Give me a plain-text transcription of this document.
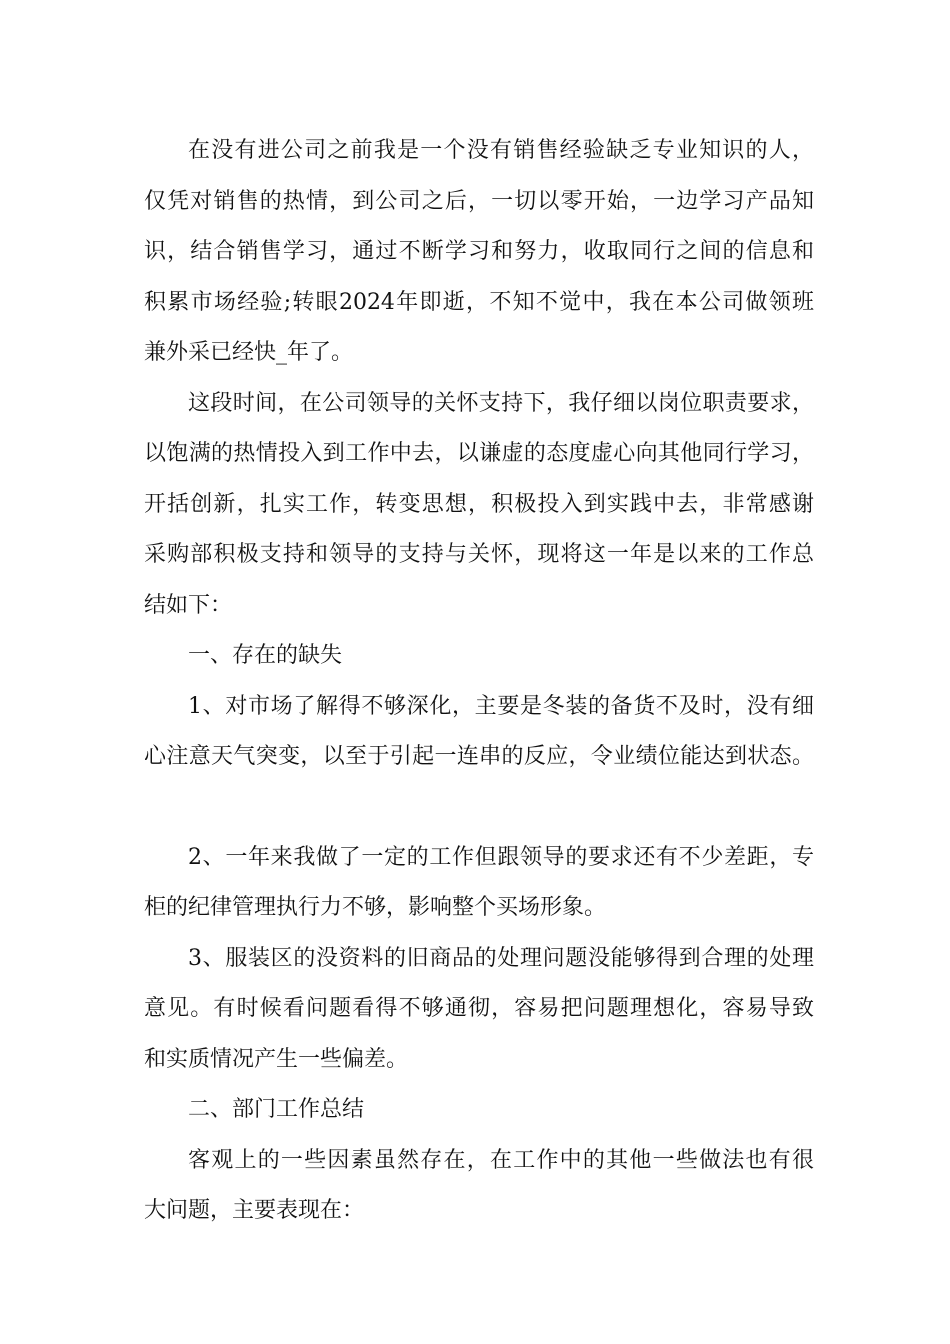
在没有进公司之前我是一个没有销售经验缺乏专业知识的人，
仅凭对销售的热情，到公司之后，一切以零开始，一边学习产品知
识，结合销售学习，通过不断学习和努力，收取同行之间的信息和
积累市场经验;转眼2024年即逝，不知不觉中，我在本公司做领班
兼外采已经快_年了。

这段时间，在公司领导的关怀支持下，我仔细以岗位职责要求，
以饱满的热情投入到工作中去，以谦虚的态度虚心向其他同行学习，
开括创新，扎实工作，转变思想，积极投入到实践中去，非常感谢
采购部积极支持和领导的支持与关怀，现将这一年是以来的工作总
结如下：

一、存在的缺失

1、对市场了解得不够深化，主要是冬装的备货不及时，没有细
心注意天气突变，以至于引起一连串的反应，令业绩位能达到状态。

2、一年来我做了一定的工作但跟领导的要求还有不少差距，专
柜的纪律管理执行力不够，影响整个买场形象。

3、服装区的没资料的旧商品的处理问题没能够得到合理的处理
意见。有时候看问题看得不够通彻，容易把问题理想化，容易导致
和实质情况产生一些偏差。

二、部门工作总结

客观上的一些因素虽然存在，在工作中的其他一些做法也有很
大问题，主要表现在：
